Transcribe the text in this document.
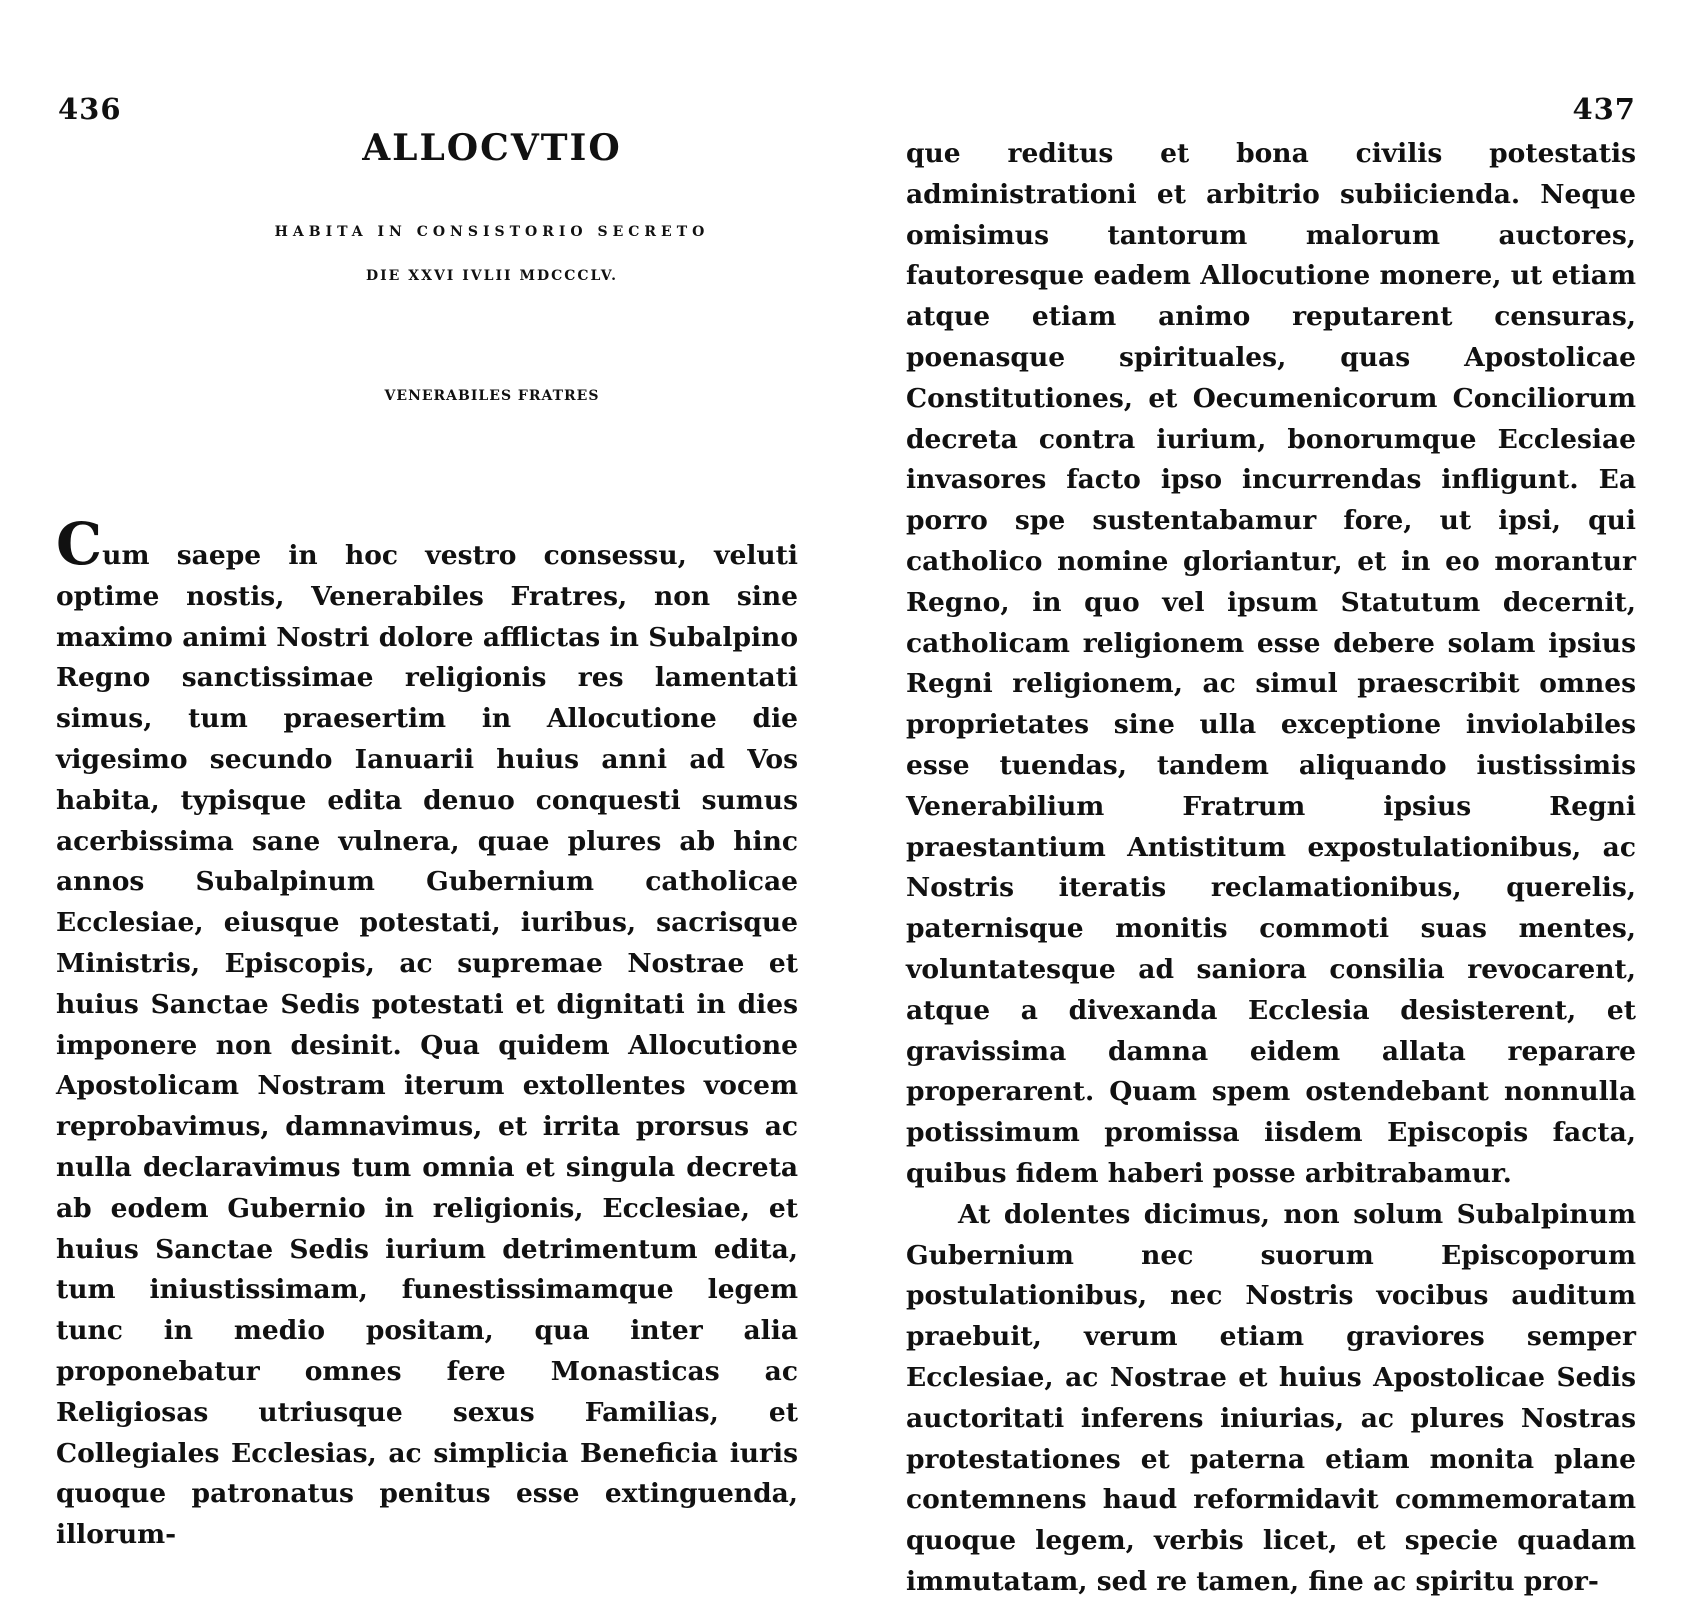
436
ALLOCVTIO
HABITA IN CONSISTORIO SECRETO
DIE XXVI IVLII MDCCCLV.
VENERABILES FRATRES

Cum saepe in hoc vestro consessu, veluti optime nostis, Venerabiles Fratres, non sine maximo animi Nostri dolore afflictas in Subalpino Regno sanctissimae religionis res lamentati simus, tum praesertim in Allocutione die vigesimo secundo Ianuarii huius anni ad Vos habita, typisque edita denuo conquesti sumus acerbissima sane vulnera, quae plures ab hinc annos Subalpinum Gubernium catholicae Ecclesiae, eiusque potestati, iuribus, sacrisque Ministris, Episcopis, ac supremae Nostrae et huius Sanctae Sedis potestati et dignitati in dies imponere non desinit. Qua quidem Allocutione Apostolicam Nostram iterum extollentes vocem reprobavimus, damnavimus, et irrita prorsus ac nulla declaravimus tum omnia et singula decreta ab eodem Gubernio in religionis, Ecclesiae, et huius Sanctae Sedis iurium detrimentum edita, tum iniustissimam, funestissimamque legem tunc in medio positam, qua inter alia proponebatur omnes fere Monasticas ac Religiosas utriusque sexus Familias, et Collegiales Ecclesias, ac simplicia Beneficia iuris quoque patronatus penitus esse extinguenda, illorum-

437

que reditus et bona civilis potestatis administrationi et arbitrio subiicienda. Neque omisimus tantorum malorum auctores, fautoresque eadem Allocutione monere, ut etiam atque etiam animo reputarent censuras, poenasque spirituales, quas Apostolicae Constitutiones, et Oecumenicorum Conciliorum decreta contra iurium, bonorumque Ecclesiae invasores facto ipso incurrendas infligunt. Ea porro spe sustentabamur fore, ut ipsi, qui catholico nomine gloriantur, et in eo morantur Regno, in quo vel ipsum Statutum decernit, catholicam religionem esse debere solam ipsius Regni religionem, ac simul praescribit omnes proprietates sine ulla exceptione inviolabiles esse tuendas, tandem aliquando iustissimis Venerabilium Fratrum ipsius Regni praestantium Antistitum expostulationibus, ac Nostris iteratis reclamationibus, querelis, paternisque monitis commoti suas mentes, voluntatesque ad saniora consilia revocarent, atque a divexanda Ecclesia desisterent, et gravissima damna eidem allata reparare properarent. Quam spem ostendebant nonnulla potissimum promissa iisdem Episcopis facta, quibus fidem haberi posse arbitrabamur.

At dolentes dicimus, non solum Subalpinum Gubernium nec suorum Episcoporum postulationibus, nec Nostris vocibus auditum praebuit, verum etiam graviores semper Ecclesiae, ac Nostrae et huius Apostolicae Sedis auctoritati inferens iniurias, ac plures Nostras protestationes et paterna etiam monita plane contemnens haud reformidavit commemoratam quoque legem, verbis licet, et specie quadam immutatam, sed re tamen, fine ac spiritu pror-
